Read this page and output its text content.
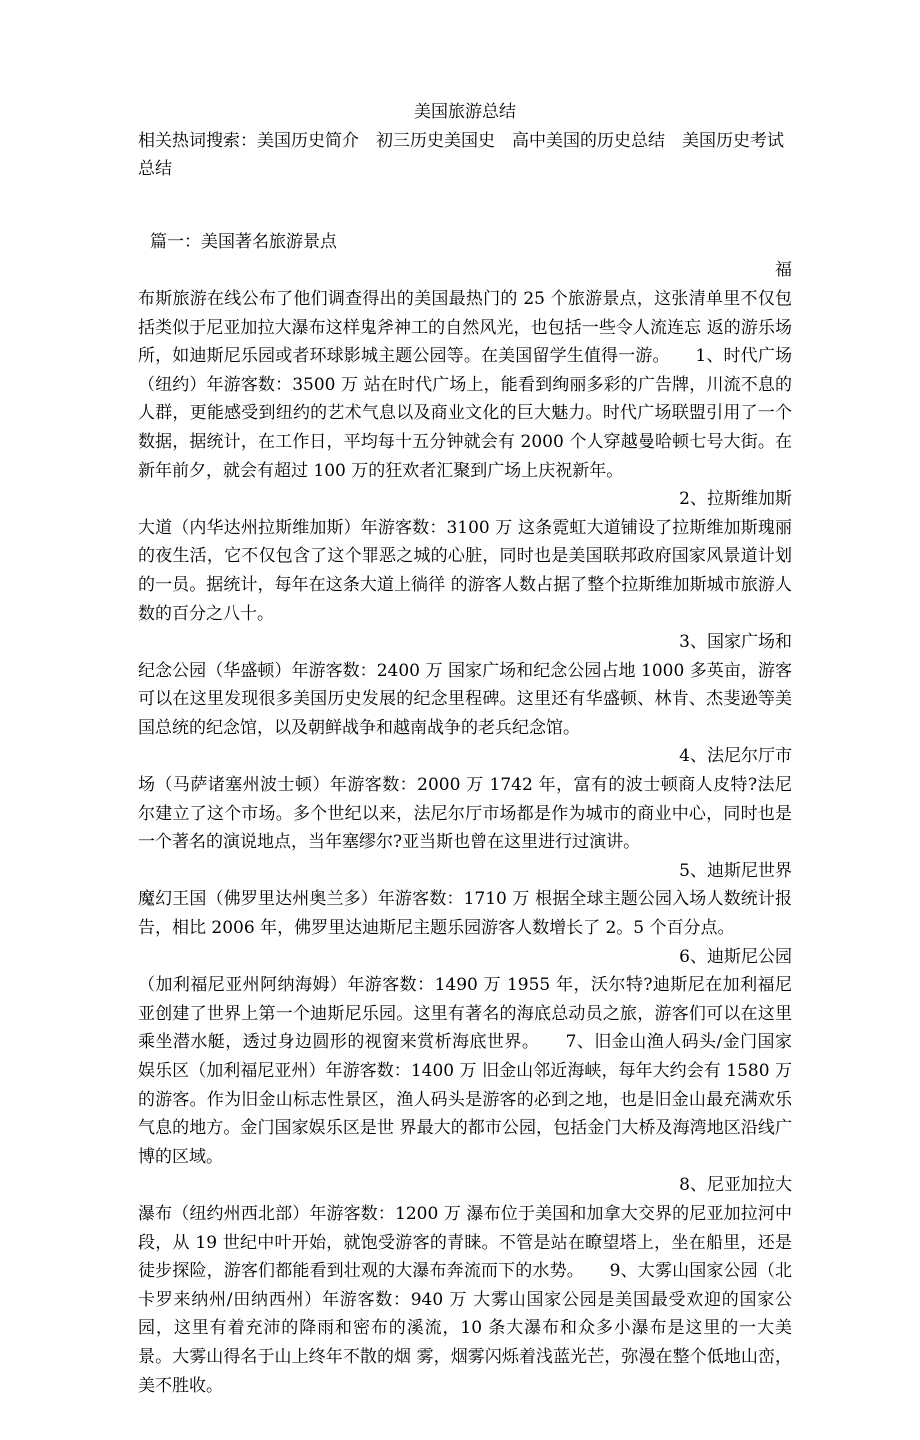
美国旅游总结
相关热词搜索：美国历史简介　初三历史美国史　高中美国的历史总结　美国历史考试总结
篇一：美国著名旅游景点
福
布斯旅游在线公布了他们调查得出的美国最热门的 25 个旅游景点，这张清单里不仅包括类似于尼亚加拉大瀑布这样鬼斧神工的自然风光，也包括一些令人流连忘 返的游乐场所，如迪斯尼乐园或者环球影城主题公园等。在美国留学生值得一游。　　1、时代广场（纽约）年游客数：3500 万 站在时代广场上，能看到绚丽多彩的广告牌，川流不息的人群，更能感受到纽约的艺术气息以及商业文化的巨大魅力。时代广场联盟引用了一个数据，据统计，在工作日，平均每十五分钟就会有 2000 个人穿越曼哈顿七号大街。在新年前夕，就会有超过 100 万的狂欢者汇聚到广场上庆祝新年。
2、拉斯维加斯
大道（内华达州拉斯维加斯）年游客数：3100 万 这条霓虹大道铺设了拉斯维加斯瑰丽的夜生活，它不仅包含了这个罪恶之城的心脏，同时也是美国联邦政府国家风景道计划的一员。据统计，每年在这条大道上徜徉 的游客人数占据了整个拉斯维加斯城市旅游人数的百分之八十。
3、国家广场和
纪念公园（华盛顿）年游客数：2400 万 国家广场和纪念公园占地 1000 多英亩，游客可以在这里发现很多美国历史发展的纪念里程碑。这里还有华盛顿、林肯、杰斐逊等美国总统的纪念馆，以及朝鲜战争和越南战争的老兵纪念馆。
4、法尼尔厅市
场（马萨诸塞州波士顿）年游客数：2000 万 1742 年，富有的波士顿商人皮特?法尼尔建立了这个市场。多个世纪以来，法尼尔厅市场都是作为城市的商业中心，同时也是一个著名的演说地点，当年塞缪尔?亚当斯也曾在这里进行过演讲。
5、迪斯尼世界
魔幻王国（佛罗里达州奥兰多）年游客数：1710 万 根据全球主题公园入场人数统计报告，相比 2006 年，佛罗里达迪斯尼主题乐园游客人数增长了 2。5 个百分点。
6、迪斯尼公园
（加利福尼亚州阿纳海姆）年游客数：1490 万 1955 年，沃尔特?迪斯尼在加利福尼亚创建了世界上第一个迪斯尼乐园。这里有著名的海底总动员之旅，游客们可以在这里乘坐潜水艇，透过身边圆形的视窗来赏析海底世界。　　7、旧金山渔人码头/金门国家娱乐区（加利福尼亚州）年游客数：1400 万 旧金山邻近海峡，每年大约会有 1580 万的游客。作为旧金山标志性景区，渔人码头是游客的必到之地，也是旧金山最充满欢乐气息的地方。金门国家娱乐区是世 界最大的都市公园，包括金门大桥及海湾地区沿线广博的区域。
8、尼亚加拉大
瀑布（纽约州西北部）年游客数：1200 万 瀑布位于美国和加拿大交界的尼亚加拉河中段，从 19 世纪中叶开始，就饱受游客的青睐。不管是站在瞭望塔上，坐在船里，还是徒步探险，游客们都能看到壮观的大瀑布奔流而下的水势。　　9、大雾山国家公园（北卡罗来纳州/田纳西州）年游客数：940 万 大雾山国家公园是美国最受欢迎的国家公园，这里有着充沛的降雨和密布的溪流，10 条大瀑布和众多小瀑布是这里的一大美景。大雾山得名于山上终年不散的烟 雾，烟雾闪烁着浅蓝光芒，弥漫在整个低地山峦，美不胜收。
